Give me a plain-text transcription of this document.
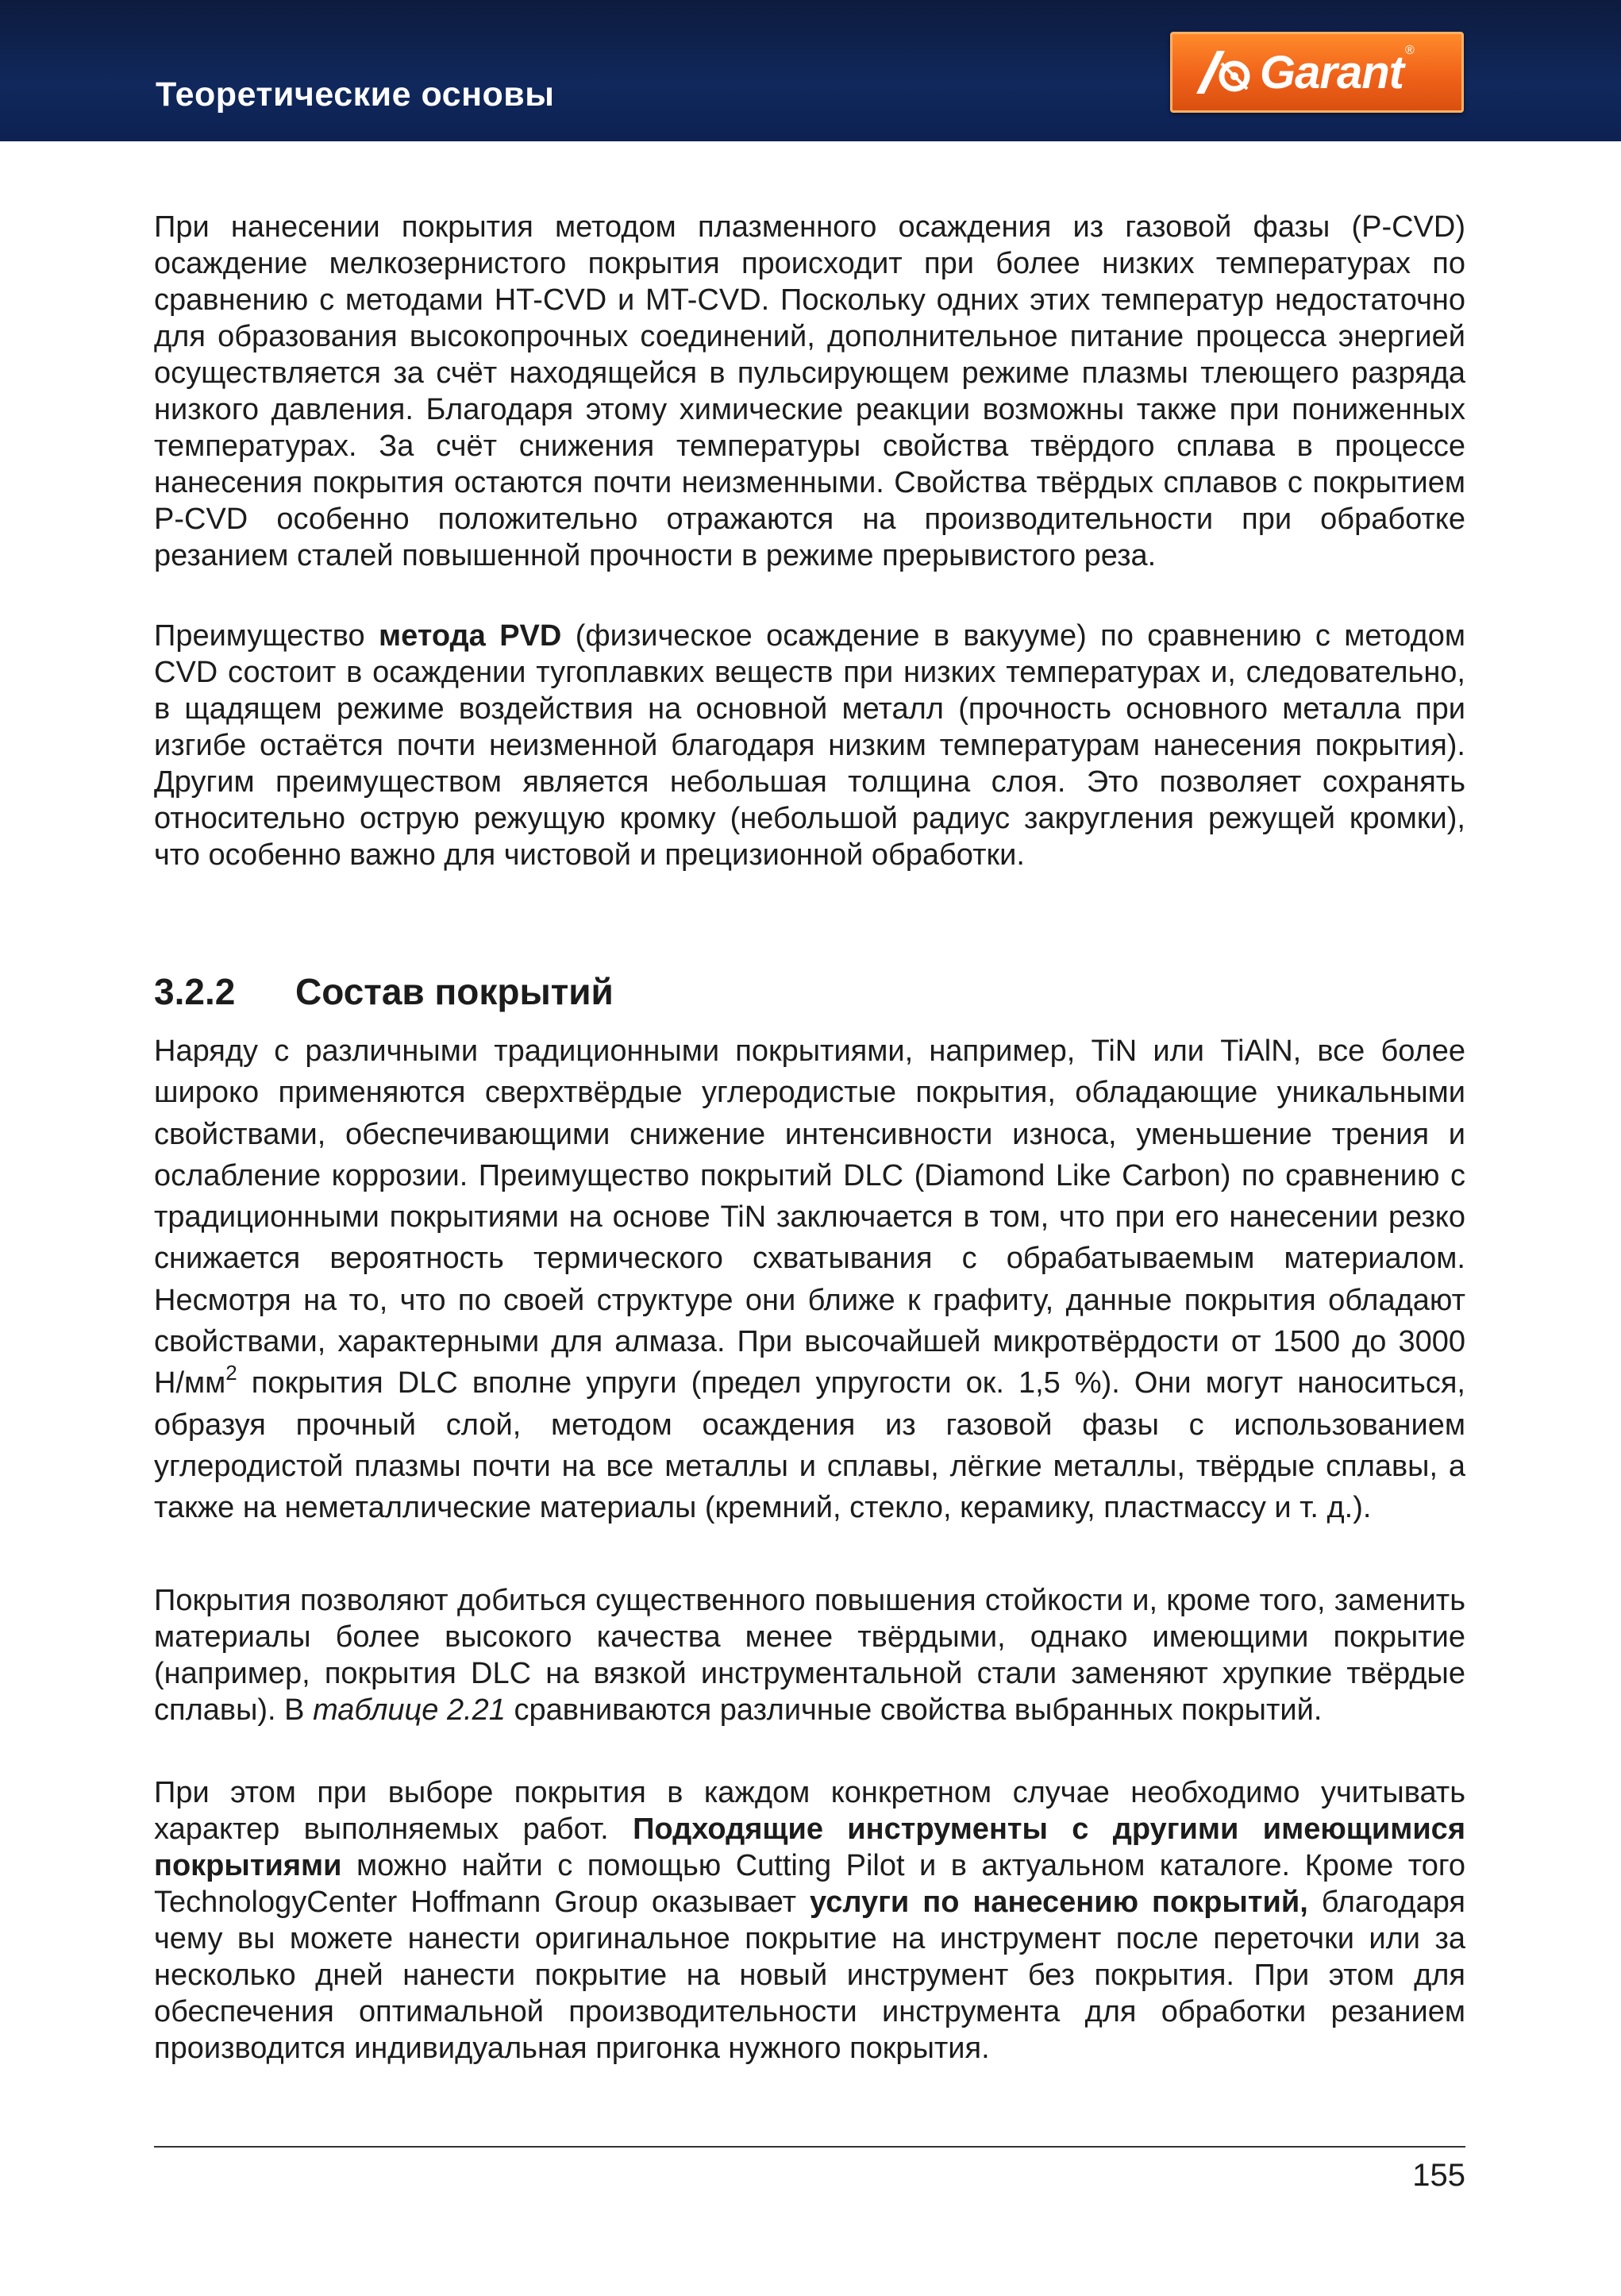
Теоретические основы	Garant ®

При нанесении покрытия методом плазменного осаждения из газовой фазы (P-CVD) осаждение мелкозернистого покрытия происходит при более низких температурах по сравнению с методами HT-CVD и MT-CVD. Поскольку одних этих температур недостаточно для образования высокопрочных соединений, дополнительное питание процесса энергией осуществляется за счёт находящейся в пульсирующем режиме плазмы тлеющего разряда низкого давления. Благодаря этому химические реакции возможны также при пониженных температурах. За счёт снижения температуры свойства твёрдого сплава в процессе нанесения покрытия остаются почти неизменными. Свойства твёрдых сплавов с покрытием P-CVD особенно положительно отражаются на производительности при обработке резанием сталей повышенной прочности в режиме прерывистого реза.

Преимущество метода PVD (физическое осаждение в вакууме) по сравнению с методом CVD состоит в осаждении тугоплавких веществ при низких температурах и, следовательно, в щадящем режиме воздействия на основной металл (прочность основного металла при изгибе остаётся почти неизменной благодаря низким температурам нанесения покрытия). Другим преимуществом является небольшая толщина слоя. Это позволяет сохранять относительно острую режущую кромку (небольшой радиус закругления режущей кромки), что особенно важно для чистовой и прецизионной обработки.

3.2.2 Состав покрытий

Наряду с различными традиционными покрытиями, например, TiN или TiAlN, все более широко применяются сверхтвёрдые углеродистые покрытия, обладающие уникальными свойствами, обеспечивающими снижение интенсивности износа, уменьшение трения и ослабление коррозии. Преимущество покрытий DLC (Diamond Like Carbon) по сравнению с традиционными покрытиями на основе TiN заключается в том, что при его нанесении резко снижается вероятность термического схватывания с обрабатываемым материалом. Несмотря на то, что по своей структуре они ближе к графиту, данные покрытия обладают свойствами, характерными для алмаза. При высочайшей микротвёрдости от 1500 до 3000 $Н/мм^2$ покрытия DLC вполне упруги (предел упругости ок. 1,5 %). Они могут наноситься, образуя прочный слой, методом осаждения из газовой фазы с использованием углеродистой плазмы почти на все металлы и сплавы, лёгкие металлы, твёрдые сплавы, а также на неметаллические материалы (кремний, стекло, керамику, пластмассу и т. д.).

Покрытия позволяют добиться существенного повышения стойкости и, кроме того, заменить материалы более высокого качества менее твёрдыми, однако имеющими покрытие (например, покрытия DLC на вязкой инструментальной стали заменяют хрупкие твёрдые сплавы). В таблице 2.21 сравниваются различные свойства выбранных покрытий.

При этом при выборе покрытия в каждом конкретном случае необходимо учитывать характер выполняемых работ. Подходящие инструменты с другими имеющимися покрытиями можно найти с помощью Cutting Pilot и в актуальном каталоге. Кроме того TechnologyCenter Hoffmann Group оказывает услуги по нанесению покрытий, благодаря чему вы можете нанести оригинальное покрытие на инструмент после переточки или за несколько дней нанести покрытие на новый инструмент без покрытия. При этом для обеспечения оптимальной производительности инструмента для обработки резанием производится индивидуальная пригонка нужного покрытия.

155
